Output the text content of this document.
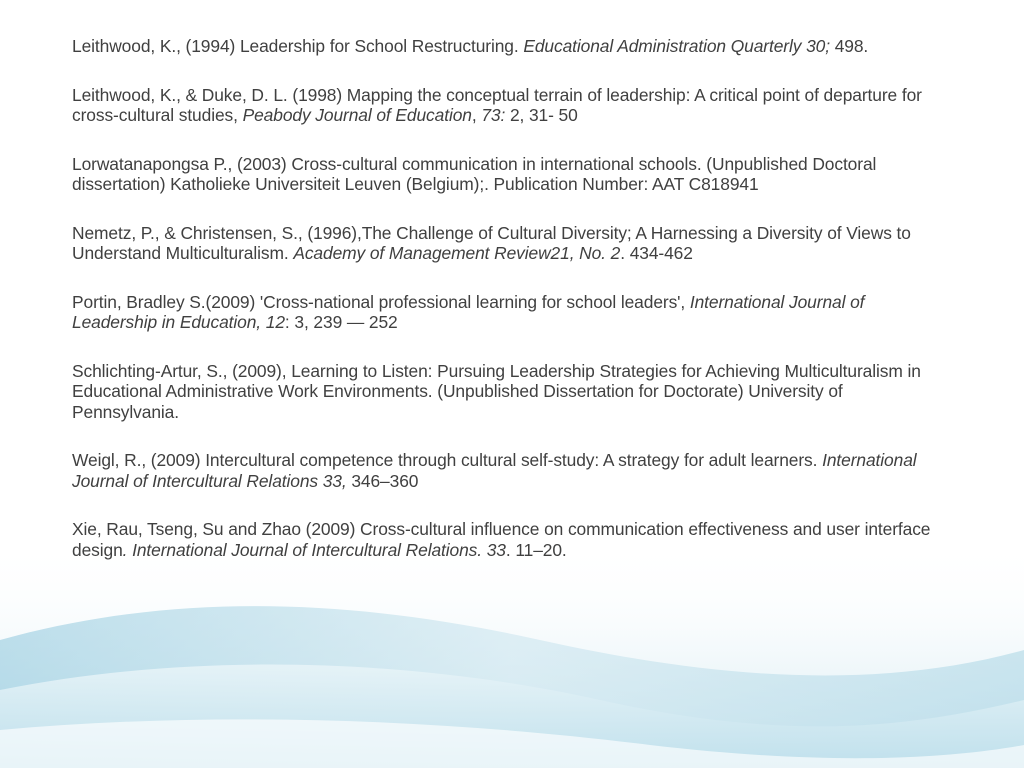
Leithwood, K., (1994) Leadership for School Restructuring. Educational Administration Quarterly 30; 498.

Leithwood, K., & Duke, D. L. (1998) Mapping the conceptual terrain of leadership: A critical point of departure for cross-cultural studies, Peabody Journal of Education, 73: 2, 31- 50

Lorwatanapongsa P., (2003) Cross-cultural communication in international schools. (Unpublished Doctoral dissertation) Katholieke Universiteit Leuven (Belgium);. Publication Number: AAT C818941

Nemetz, P., & Christensen, S., (1996),The Challenge of Cultural Diversity; A Harnessing a Diversity of Views to Understand Multiculturalism. Academy of Management Review21, No. 2. 434-462

Portin, Bradley S.(2009) 'Cross-national professional learning for school leaders', International Journal of Leadership in Education, 12: 3, 239 — 252

Schlichting-Artur, S., (2009), Learning to Listen: Pursuing Leadership Strategies for Achieving Multiculturalism in Educational Administrative Work Environments. (Unpublished Dissertation for Doctorate) University of Pennsylvania.

Weigl, R., (2009) Intercultural competence through cultural self-study: A strategy for adult learners. International Journal of Intercultural Relations 33, 346–360

Xie, Rau, Tseng, Su and Zhao (2009) Cross-cultural influence on communication effectiveness and user interface design. International Journal of Intercultural Relations. 33. 11–20.
